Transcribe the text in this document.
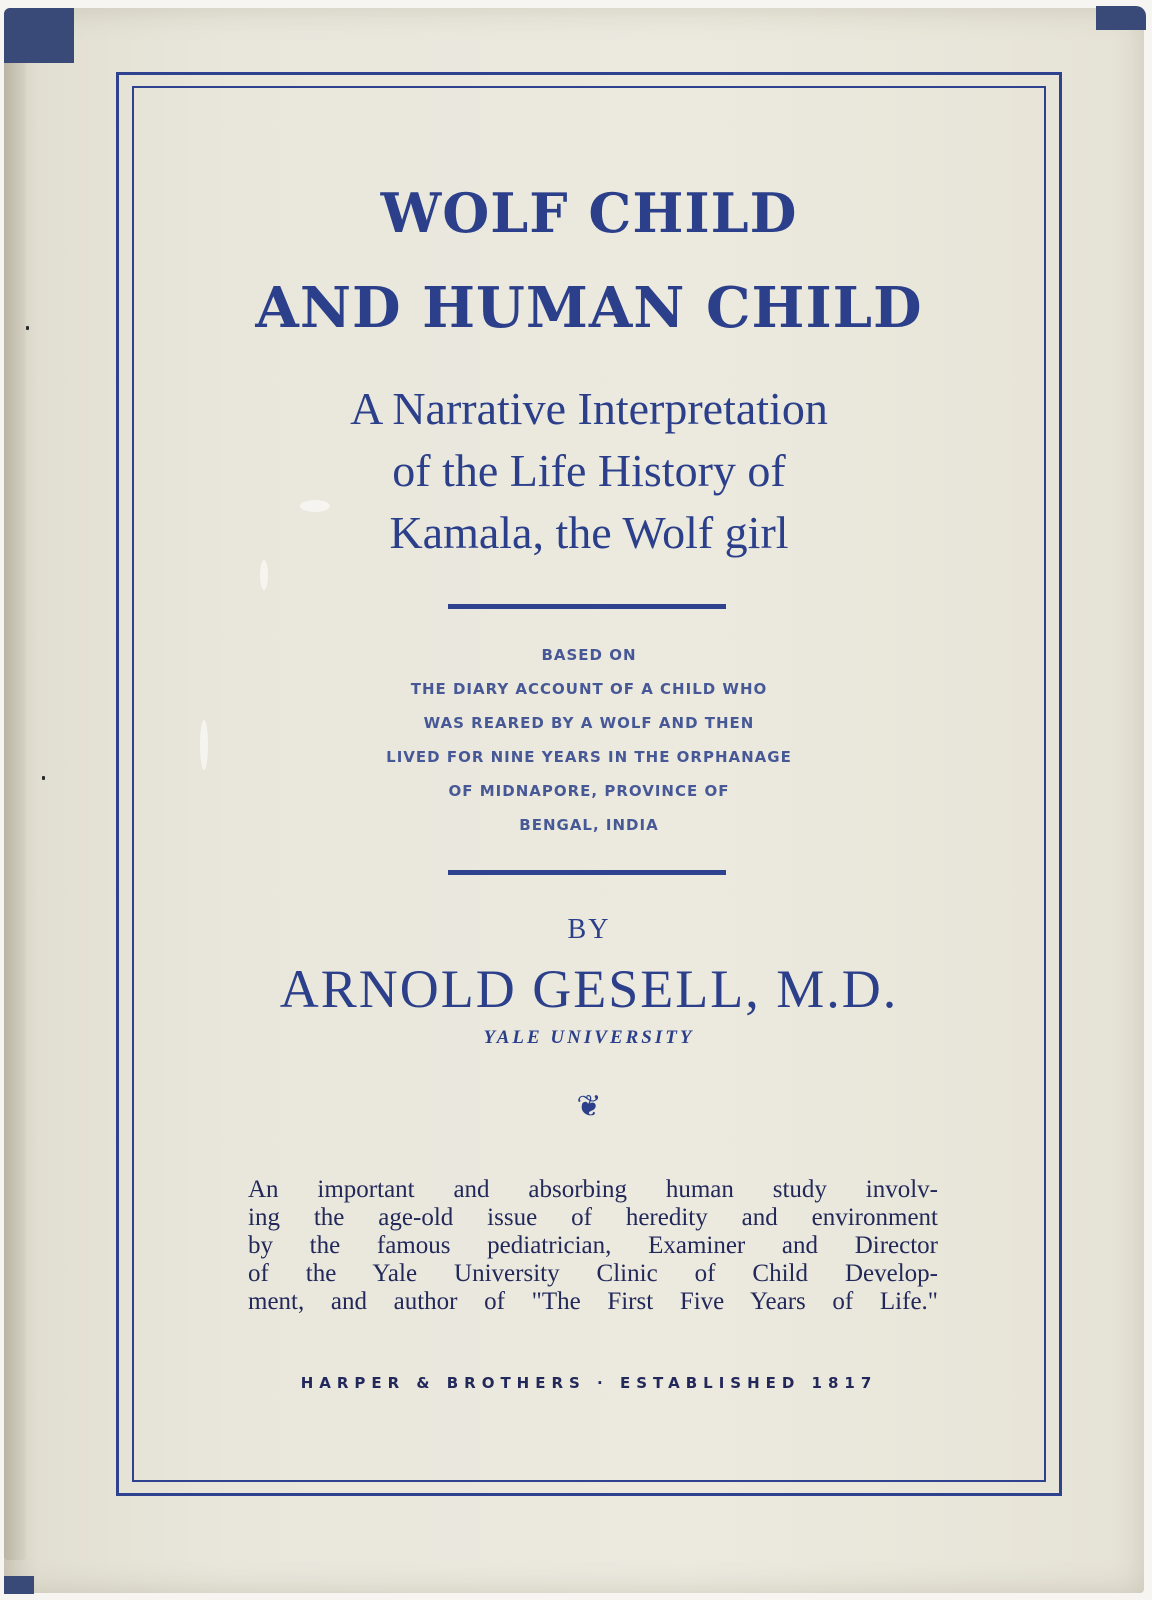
WOLF CHILD
AND HUMAN CHILD
A Narrative Interpretation
of the Life History of
Kamala, the Wolf girl
BASED ON
THE DIARY ACCOUNT OF A CHILD WHO
WAS REARED BY A WOLF AND THEN
LIVED FOR NINE YEARS IN THE ORPHANAGE
OF MIDNAPORE, PROVINCE OF
BENGAL, INDIA
BY
ARNOLD GESELL, M.D.
YALE UNIVERSITY
❦
An important and absorbing human study involv-
ing the age-old issue of heredity and environment
by the famous pediatrician, Examiner and Director
of the Yale University Clinic of Child Develop-
ment, and author of "The First Five Years of Life."
HARPER & BROTHERS · ESTABLISHED 1817
